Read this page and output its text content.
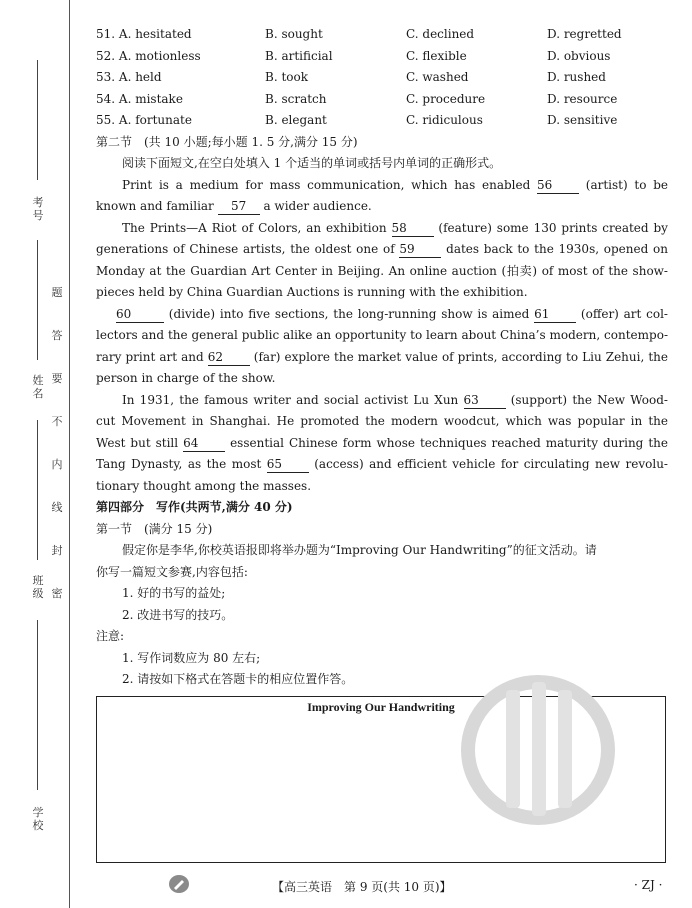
考号
姓名
班级
学校
题
答
要
不
内
线
封
密
51. A. hesitated	B. sought	C. declined	D. regretted
52. A. motionless	B. artificial	C. flexible	D. obvious
53. A. held	B. took	C. washed	D. rushed
54. A. mistake	B. scratch	C. procedure	D. resource
55. A. fortunate	B. elegant	C. ridiculous	D. sensitive
第二节　(共 10 小题;每小题 1. 5 分,满分 15 分)
阅读下面短文,在空白处填入 1 个适当的单词或括号内单词的正确形式。
Print is a medium for mass communication, which has enabled 56	(artist) to be
known and familiar 57 a wider audience.
The Prints—A Riot of Colors, an exhibition 58	(feature) some 130 prints created by
generations of Chinese artists, the oldest one of 59	dates back to the 1930s, opened on
Monday at the Guardian Art Center in Beijing. An online auction (拍卖) of most of the show-
pieces held by China Guardian Auctions is running with the exhibition.
60	(divide) into five sections, the long-running show is aimed 61	(offer) art col-
lectors and the general public alike an opportunity to learn about China’s modern, contempo-
rary print art and 62	(far) explore the market value of prints, according to Liu Zehui, the
person in charge of the show.
In 1931, the famous writer and social activist Lu Xun 63	(support) the New Wood-
cut Movement in Shanghai. He promoted the modern woodcut, which was popular in the
West but still 64	essential Chinese form whose techniques reached maturity during the
Tang Dynasty, as the most 65	(access) and efficient vehicle for circulating new revolu-
tionary thought among the masses.
第四部分　写作(共两节,满分 40 分)
第一节　(满分 15 分)
假定你是李华,你校英语报即将举办题为“Improving Our Handwriting”的征文活动。请
你写一篇短文参赛,内容包括:
1. 好的书写的益处;
2. 改进书写的技巧。
注意:
1. 写作词数应为 80 左右;
2. 请按如下格式在答题卡的相应位置作答。
Improving Our Handwriting
【高三英语　第 9 页(共 10 页)】	· ZJ ·
